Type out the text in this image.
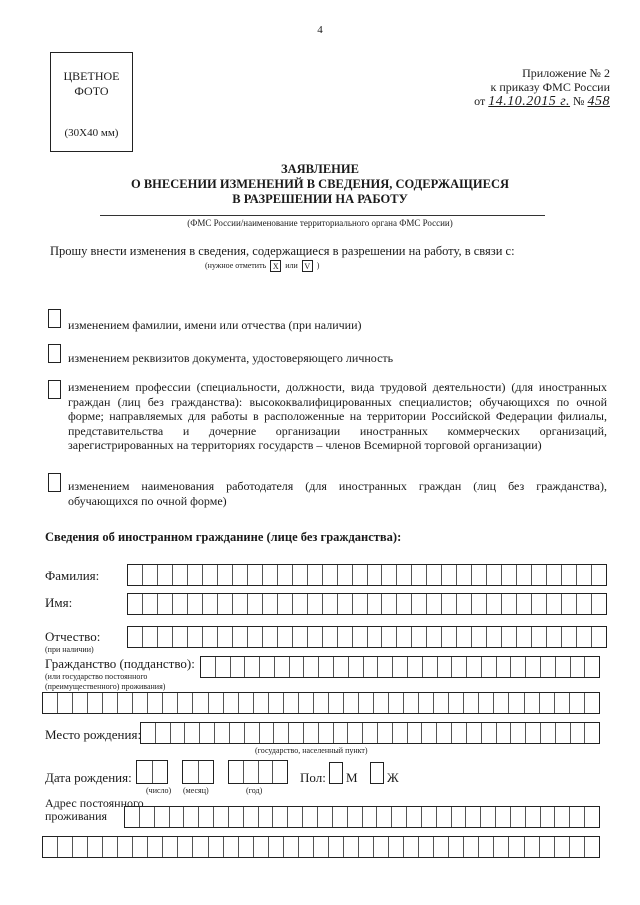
4
ЦВЕТНОЕ
ФОТО
(30Х40 мм)
Приложение № 2
к приказу ФМС России
от 14.10.2015 г. № 458
ЗАЯВЛЕНИЕ
О ВНЕСЕНИИ ИЗМЕНЕНИЙ В СВЕДЕНИЯ, СОДЕРЖАЩИЕСЯ
В РАЗРЕШЕНИИ НА РАБОТУ
(ФМС России/наименование территориального органа ФМС России)
Прошу внести изменения в сведения, содержащиеся в разрешении на работу, в связи с:
(нужное отметить X или V )
изменением фамилии, имени или отчества (при наличии)
изменением реквизитов документа, удостоверяющего личность
изменением профессии (специальности, должности, вида трудовой деятельности) (для иностранных граждан (лиц без гражданства): высококвалифицированных специалистов; обучающихся по очной форме; направляемых для работы в расположенные на территории Российской Федерации филиалы, представительства и дочерние организации иностранных коммерческих организаций, зарегистрированных на территориях государств – членов Всемирной торговой организации)
изменением наименования работодателя (для иностранных граждан (лиц без гражданства), обучающихся по очной форме)
Сведения об иностранном гражданине (лице без гражданства):
Фамилия:
Имя:
Отчество:
(при наличии)
Гражданство (подданство):
(или государство постоянного
(преимущественного) проживания)
Место рождения:
(государство, населенный пункт)
Дата рождения:
(число) (месяц)	(год)
Пол: М Ж
Адрес постоянного
проживания
